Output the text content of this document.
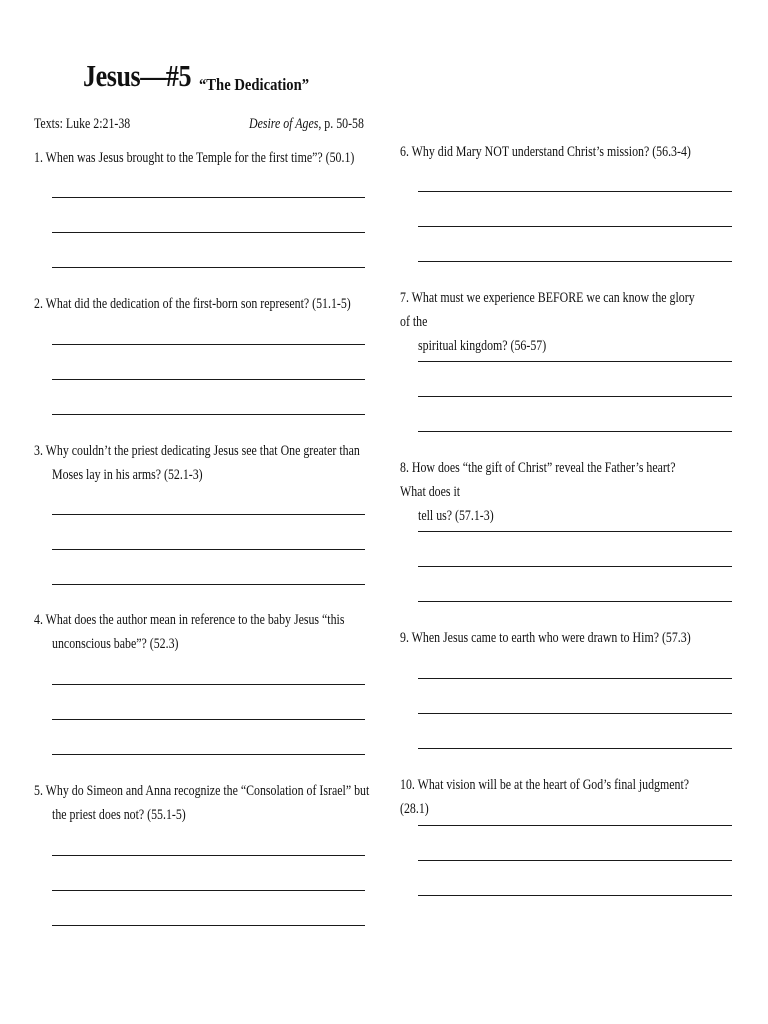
Jesus—#5 “The Dedication”
Texts: Luke 2:21-38	Desire of Ages, p. 50-58
1. When was Jesus brought to the Temple for the first time”? (50.1)
2. What did the dedication of the first-born son represent? (51.1-5)
3. Why couldn’t the priest dedicating Jesus see that One greater than
Moses lay in his arms? (52.1-3)
4. What does the author mean in reference to the baby Jesus “this
unconscious babe”? (52.3)
5. Why do Simeon and Anna recognize the “Consolation of Israel” but
the priest does not? (55.1-5)
6. Why did Mary NOT understand Christ’s mission? (56.3-4)
7. What must we experience BEFORE we can know the glory of the
spiritual kingdom? (56-57)
8. How does “the gift of Christ” reveal the Father’s heart? What does it
tell us? (57.1-3)
9. When Jesus came to earth who were drawn to Him? (57.3)
10. What vision will be at the heart of God’s final judgment? (28.1)
